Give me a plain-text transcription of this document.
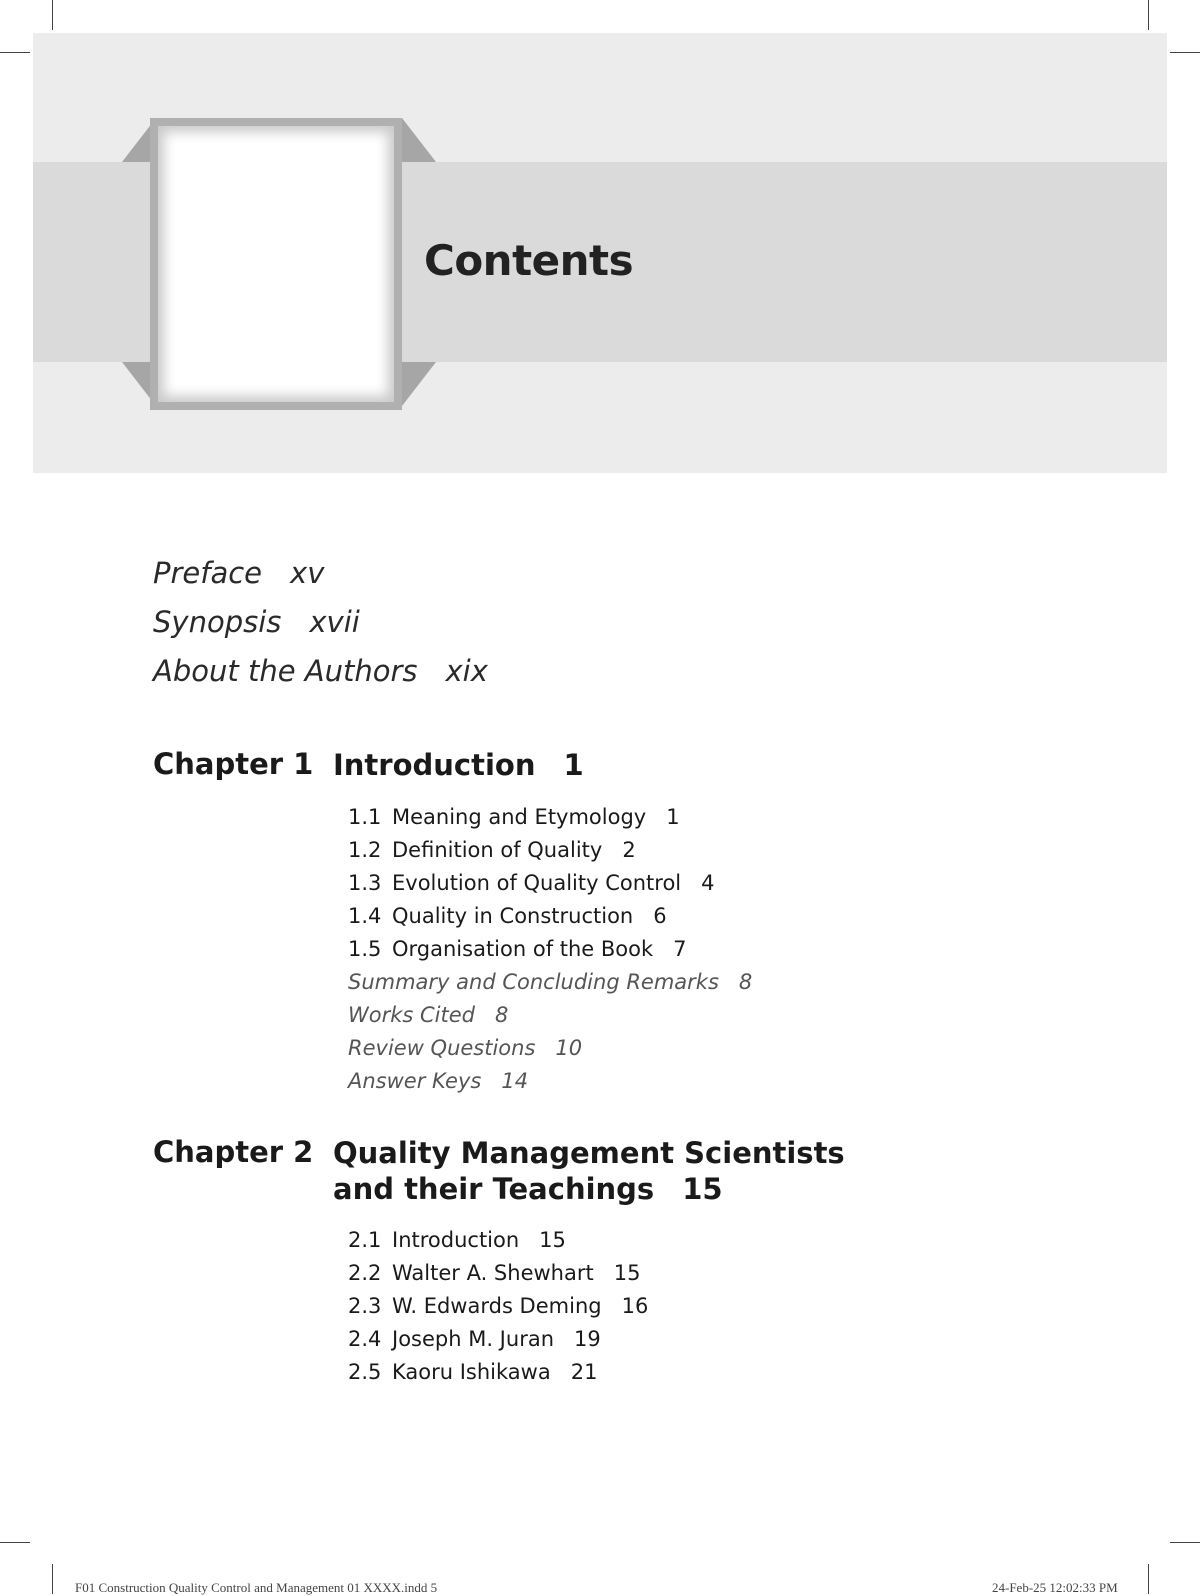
Contents
Preface xv
Synopsis xvii
About the Authors xix
Chapter 1 Introduction 1
1.1 Meaning and Etymology 1
1.2 Definition of Quality 2
1.3 Evolution of Quality Control 4
1.4 Quality in Construction 6
1.5 Organisation of the Book 7
Summary and Concluding Remarks 8
Works Cited 8
Review Questions 10
Answer Keys 14
Chapter 2 Quality Management Scientists
and their Teachings 15
2.1 Introduction 15
2.2 Walter A. Shewhart 15
2.3 W. Edwards Deming 16
2.4 Joseph M. Juran 19
2.5 Kaoru Ishikawa 21
F01 Construction Quality Control and Management 01 XXXX.indd 5	24-Feb-25 12:02:33 PM
